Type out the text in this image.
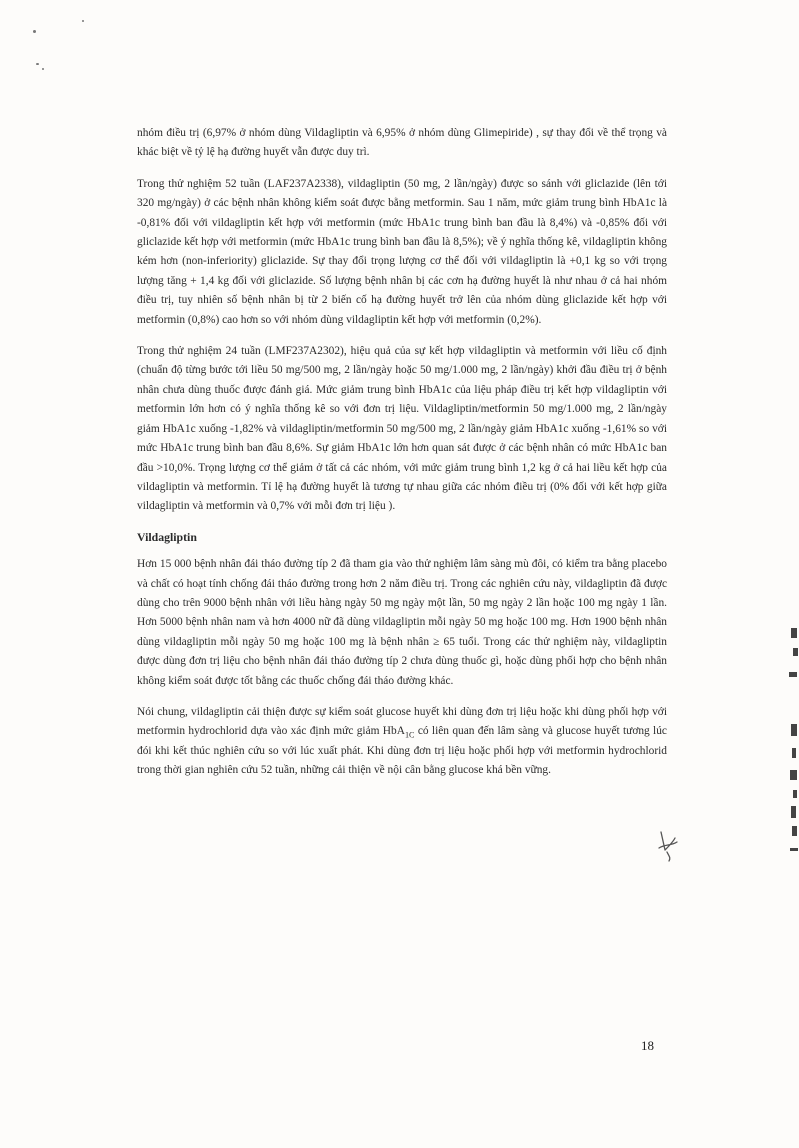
nhóm điều trị (6,97% ở nhóm dùng Vildagliptin và 6,95% ở nhóm dùng Glimepiride) , sự thay đổi về thể trọng và khác biệt về tỷ lệ hạ đường huyết vẫn được duy trì.

Trong thử nghiệm 52 tuần (LAF237A2338), vildagliptin (50 mg, 2 lần/ngày) được so sánh với gliclazide (lên tới 320 mg/ngày) ở các bệnh nhân không kiểm soát được bằng metformin. Sau 1 năm, mức giảm trung bình HbA1c là -0,81% đối với vildagliptin kết hợp với metformin (mức HbA1c trung bình ban đầu là 8,4%) và -0,85% đối với gliclazide kết hợp với metformin (mức HbA1c trung bình ban đầu là 8,5%); về ý nghĩa thống kê, vildagliptin không kém hơn (non-inferiority) gliclazide. Sự thay đổi trọng lượng cơ thể đối với vildagliptin là +0,1 kg so với trọng lượng tăng + 1,4 kg đối với gliclazide. Số lượng bệnh nhân bị các cơn hạ đường huyết là như nhau ở cả hai nhóm điều trị, tuy nhiên số bệnh nhân bị từ 2 biến cố hạ đường huyết trở lên của nhóm dùng gliclazide kết hợp với metformin (0,8%) cao hơn so với nhóm dùng vildagliptin kết hợp với metformin (0,2%).

Trong thử nghiệm 24 tuần (LMF237A2302), hiệu quả của sự kết hợp vildagliptin và metformin với liều cố định (chuẩn độ từng bước tới liều 50 mg/500 mg, 2 lần/ngày hoặc 50 mg/1.000 mg, 2 lần/ngày) khởi đầu điều trị ở bệnh nhân chưa dùng thuốc được đánh giá. Mức giảm trung bình HbA1c của liệu pháp điều trị kết hợp vildagliptin với metformin lớn hơn có ý nghĩa thống kê so với đơn trị liệu. Vildagliptin/metformin 50 mg/1.000 mg, 2 lần/ngày giảm HbA1c xuống -1,82% và vildagliptin/metformin 50 mg/500 mg, 2 lần/ngày giảm HbA1c xuống -1,61% so với mức HbA1c trung bình ban đầu 8,6%. Sự giảm HbA1c lớn hơn quan sát được ở các bệnh nhân có mức HbA1c ban đầu >10,0%. Trọng lượng cơ thể giảm ở tất cả các nhóm, với mức giảm trung bình 1,2 kg ở cả hai liều kết hợp của vildagliptin và metformin. Tỉ lệ hạ đường huyết là tương tự nhau giữa các nhóm điều trị (0% đối với kết hợp giữa vildagliptin và metformin và 0,7% với mỗi đơn trị liệu ).

Vildagliptin

Hơn 15 000 bệnh nhân đái tháo đường típ 2 đã tham gia vào thử nghiệm lâm sàng mù đôi, có kiểm tra bằng placebo và chất có hoạt tính chống đái tháo đường trong hơn 2 năm điều trị. Trong các nghiên cứu này, vildagliptin đã được dùng cho trên 9000 bệnh nhân với liều hàng ngày 50 mg ngày một lần, 50 mg ngày 2 lần hoặc 100 mg ngày 1 lần. Hơn 5000 bệnh nhân nam và hơn 4000 nữ đã dùng vildagliptin mỗi ngày 50 mg hoặc 100 mg. Hơn 1900 bệnh nhân dùng vildagliptin mỗi ngày 50 mg hoặc 100 mg là bệnh nhân ≥ 65 tuổi. Trong các thử nghiệm này, vildagliptin được dùng đơn trị liệu cho bệnh nhân đái tháo đường típ 2 chưa dùng thuốc gì, hoặc dùng phối hợp cho bệnh nhân không kiểm soát được tốt bằng các thuốc chống đái tháo đường khác.

Nói chung, vildagliptin cải thiện được sự kiểm soát glucose huyết khi dùng đơn trị liệu hoặc khi dùng phối hợp với metformin hydrochlorid dựa vào xác định mức giảm HbA$_{1C}$ có liên quan đến lâm sàng và glucose huyết tương lúc đói khi kết thúc nghiên cứu so với lúc xuất phát. Khi dùng đơn trị liệu hoặc phối hợp với metformin hydrochlorid trong thời gian nghiên cứu 52 tuần, những cải thiện về nội cân bằng glucose khá bền vững.

18
